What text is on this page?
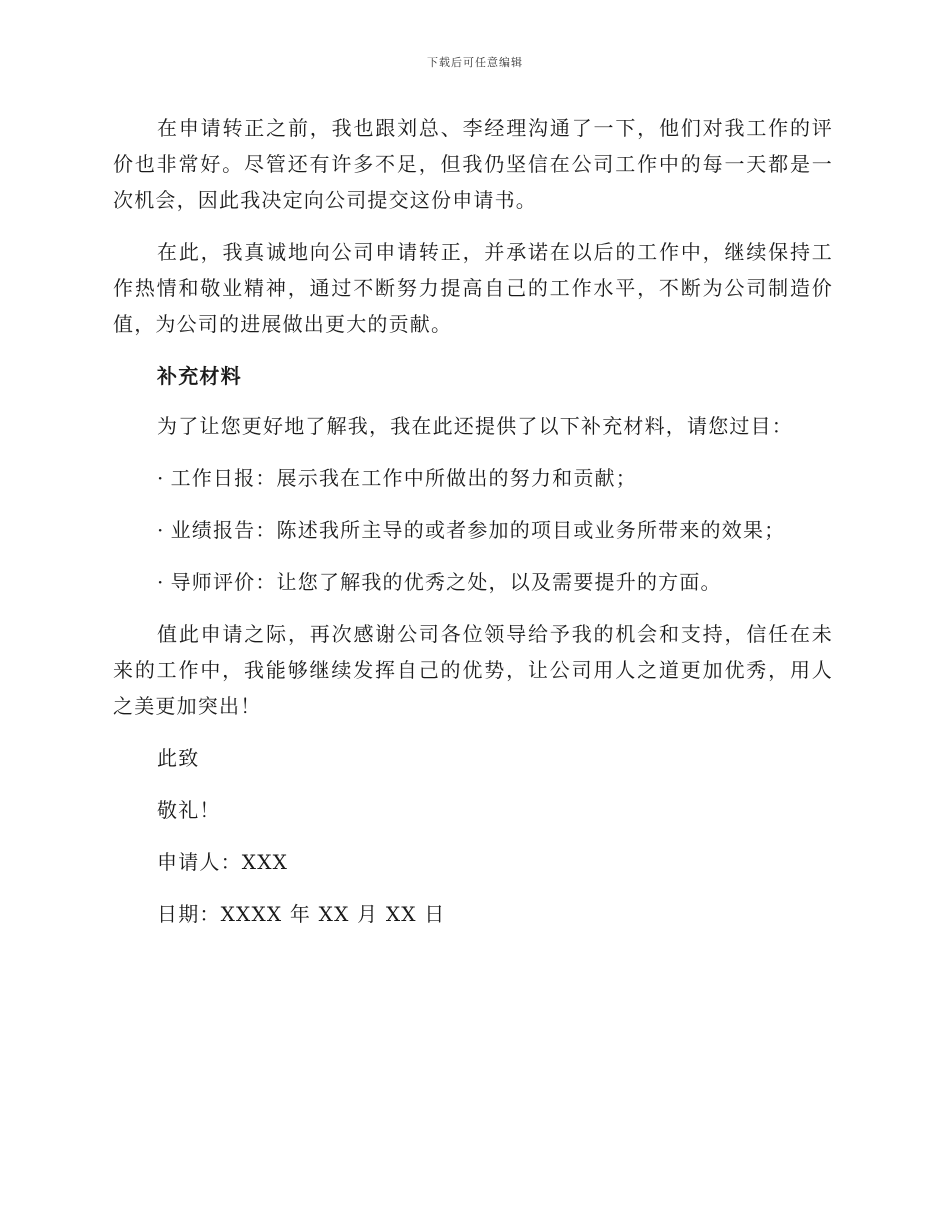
下载后可任意编辑

在申请转正之前，我也跟刘总、李经理沟通了一下，他们对我工作的评价也非常好。尽管还有许多不足，但我仍坚信在公司工作中的每一天都是一次机会，因此我决定向公司提交这份申请书。

在此，我真诚地向公司申请转正，并承诺在以后的工作中，继续保持工作热情和敬业精神，通过不断努力提高自己的工作水平，不断为公司制造价值，为公司的进展做出更大的贡献。

补充材料
为了让您更好地了解我，我在此还提供了以下补充材料，请您过目：
· 工作日报：展示我在工作中所做出的努力和贡献；
· 业绩报告：陈述我所主导的或者参加的项目或业务所带来的效果；
· 导师评价：让您了解我的优秀之处，以及需要提升的方面。

值此申请之际，再次感谢公司各位领导给予我的机会和支持，信任在未来的工作中，我能够继续发挥自己的优势，让公司用人之道更加优秀，用人之美更加突出！

此致
敬礼！
申请人：XXX
日期：XXXX 年 XX 月 XX 日
